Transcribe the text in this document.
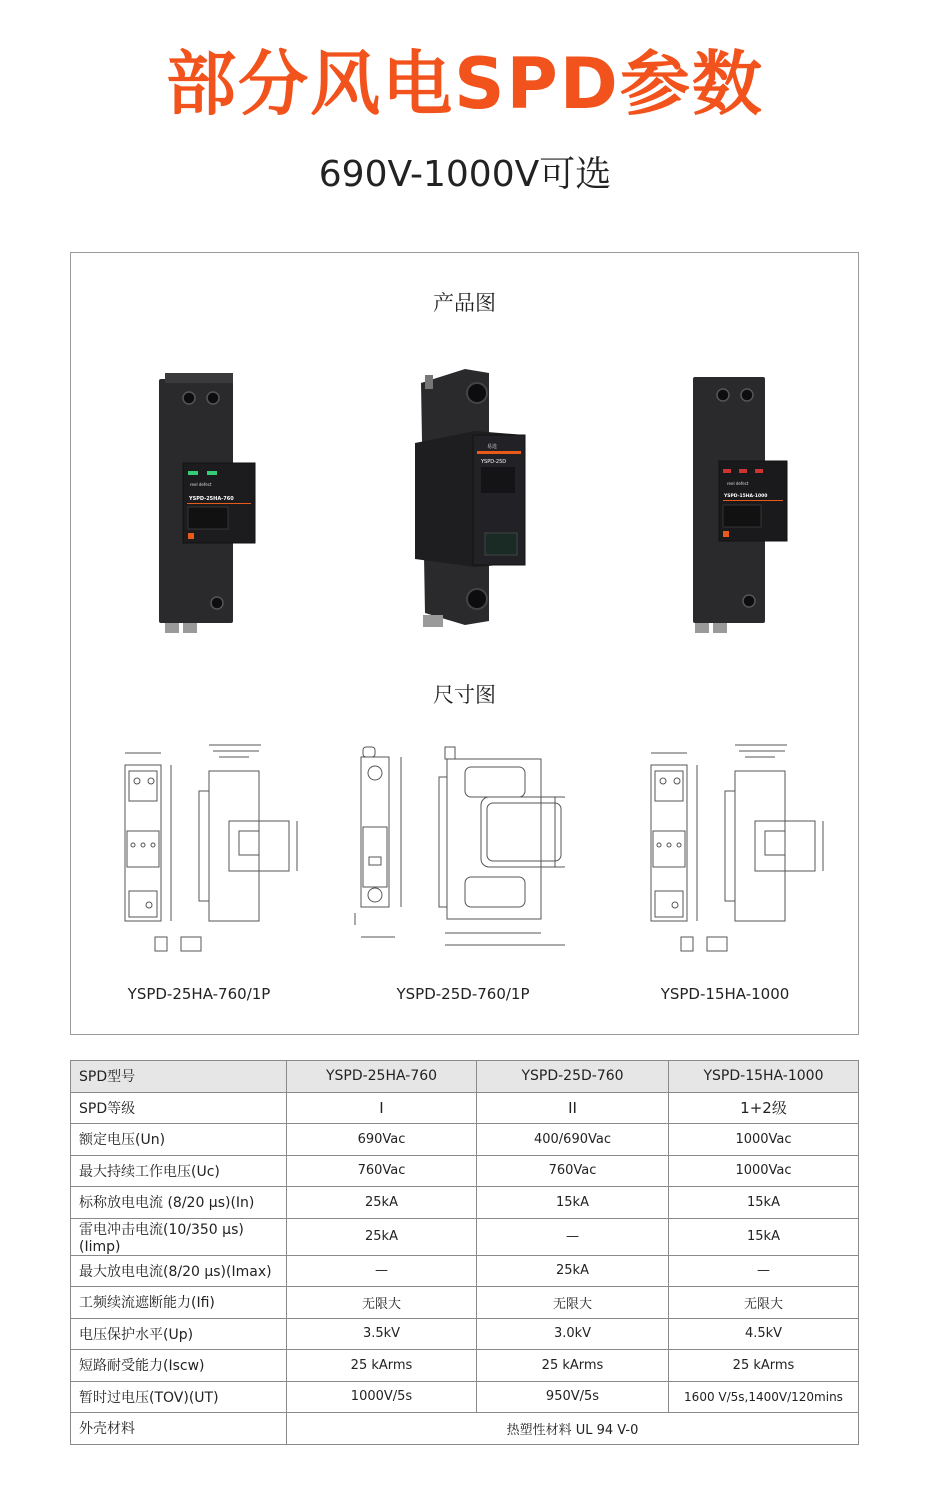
部分风电SPD参数
690V-1000V可选
产品图
reel defect
YSPD-25HA-760
易选
YSPD-25D
reel defect
YSPD-15HA-1000
尺寸图
YSPD-25HA-760/1P	YSPD-25D-760/1P	YSPD-15HA-1000
SPD型号	YSPD-25HA-760	YSPD-25D-760	YSPD-15HA-1000
SPD等级	I	II	1+2级
额定电压(Un)	690Vac	400/690Vac	1000Vac
最大持续工作电压(Uc)	760Vac	760Vac	1000Vac
标称放电电流 (8/20 µs)(In)	25kA	15kA	15kA
雷电冲击电流(10/350 µs)(Iimp)	25kA	—	15kA
最大放电电流(8/20 µs)(Imax)	—	25kA	—
工频续流遮断能力(Ifi)	无限大	无限大	无限大
电压保护水平(Up)	3.5kV	3.0kV	4.5kV
短路耐受能力(Iscw)	25 kArms	25 kArms	25 kArms
暂时过电压(TOV)(UT)	1000V/5s	950V/5s	1600 V/5s,1400V/120mins
外壳材料	热塑性材料 UL 94 V-0		
